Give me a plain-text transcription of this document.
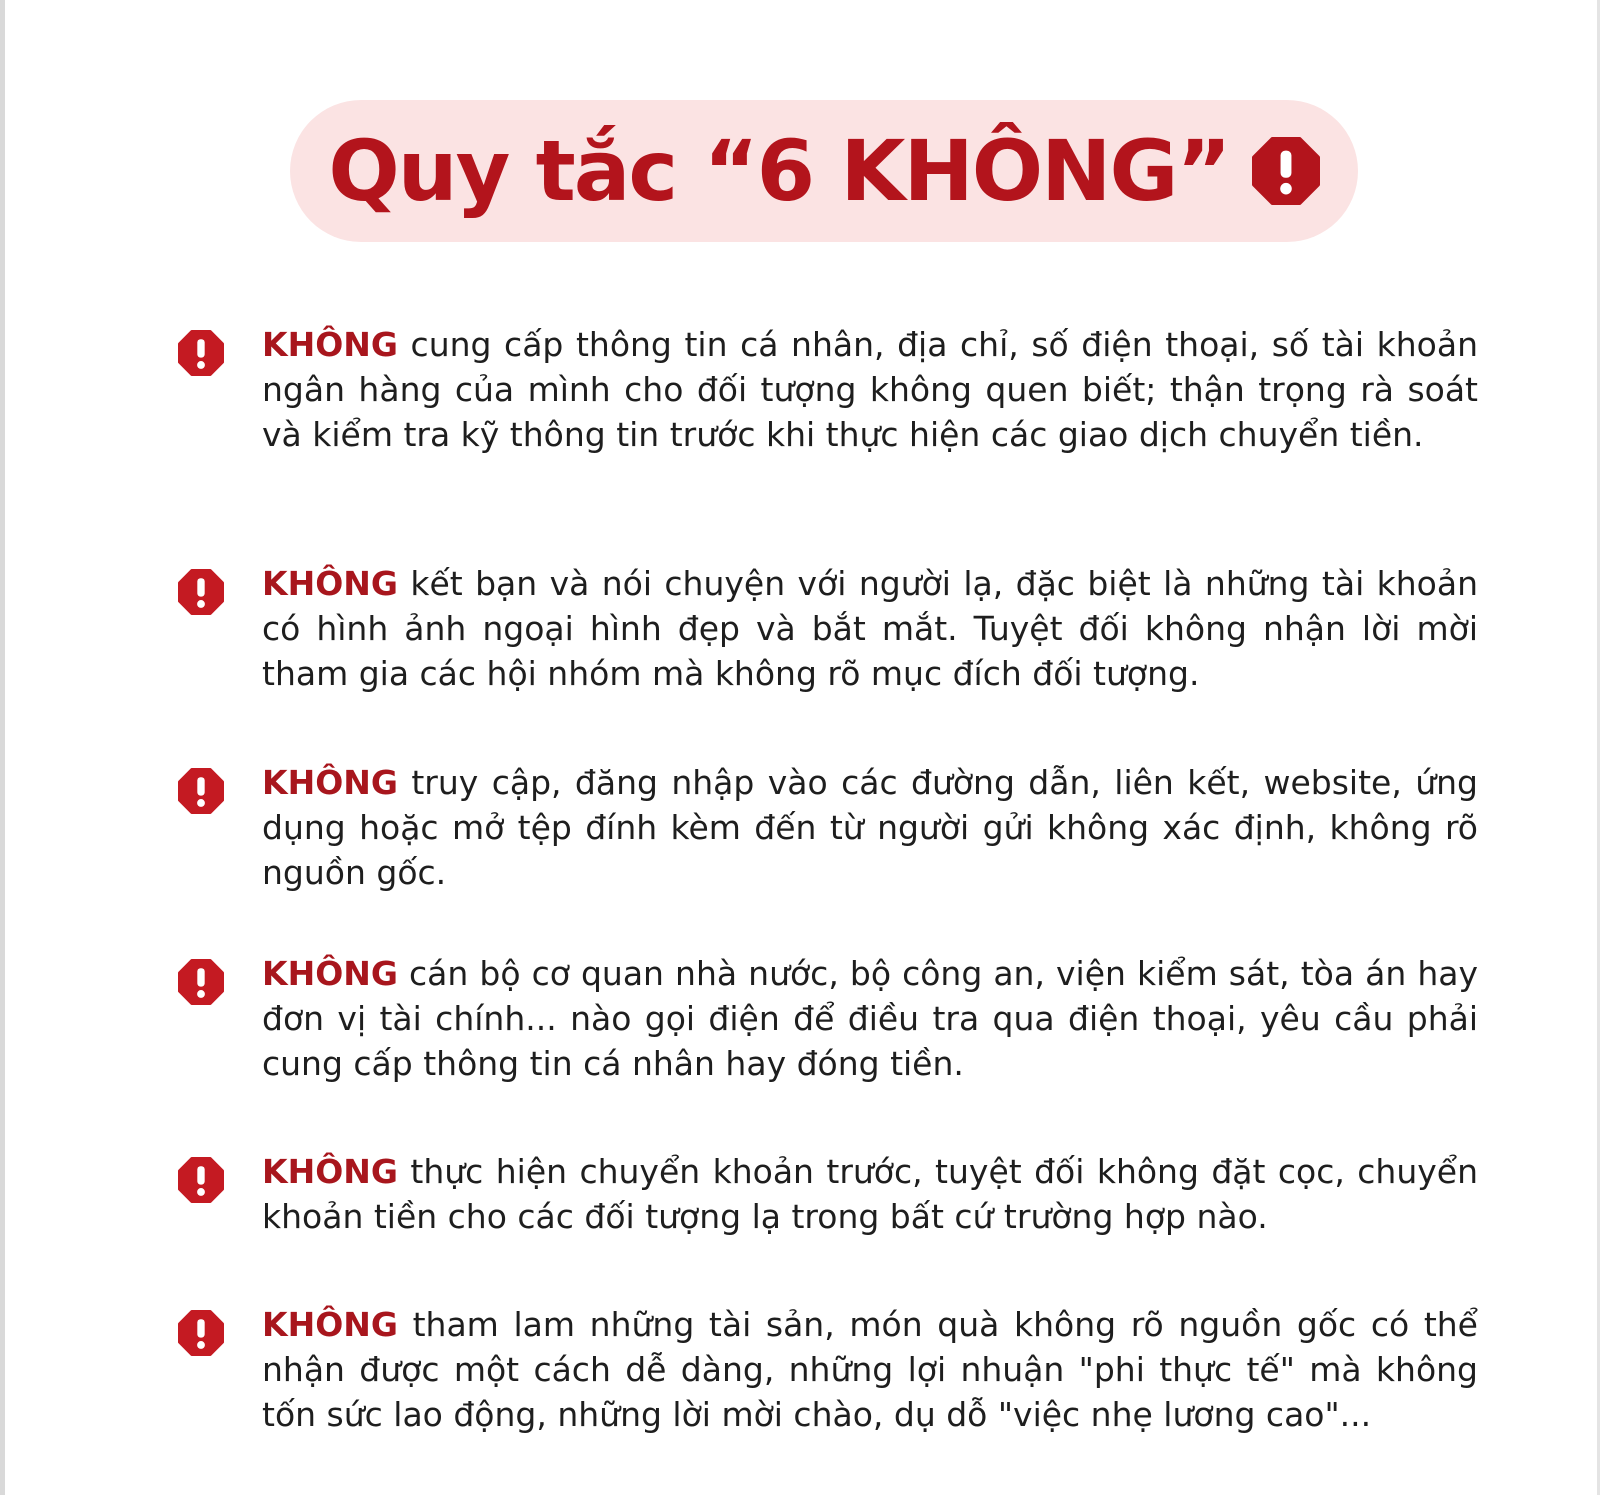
Quy tắc “6 KHÔNG”
KHÔNG cung cấp thông tin cá nhân, địa chỉ, số điện thoại, số tài khoản ngân hàng của mình cho đối tượng không quen biết; thận trọng rà soát và kiểm tra kỹ thông tin trước khi thực hiện các giao dịch chuyển tiền.
KHÔNG kết bạn và nói chuyện với người lạ, đặc biệt là những tài khoản có hình ảnh ngoại hình đẹp và bắt mắt. Tuyệt đối không nhận lời mời tham gia các hội nhóm mà không rõ mục đích đối tượng.
KHÔNG truy cập, đăng nhập vào các đường dẫn, liên kết, website, ứng dụng hoặc mở tệp đính kèm đến từ người gửi không xác định, không rõ nguồn gốc.
KHÔNG cán bộ cơ quan nhà nước, bộ công an, viện kiểm sát, tòa án hay đơn vị tài chính... nào gọi điện để điều tra qua điện thoại, yêu cầu phải cung cấp thông tin cá nhân hay đóng tiền.
KHÔNG thực hiện chuyển khoản trước, tuyệt đối không đặt cọc, chuyển khoản tiền cho các đối tượng lạ trong bất cứ trường hợp nào.
KHÔNG tham lam những tài sản, món quà không rõ nguồn gốc có thể nhận được một cách dễ dàng, những lợi nhuận "phi thực tế" mà không tốn sức lao động, những lời mời chào, dụ dỗ "việc nhẹ lương cao"...
